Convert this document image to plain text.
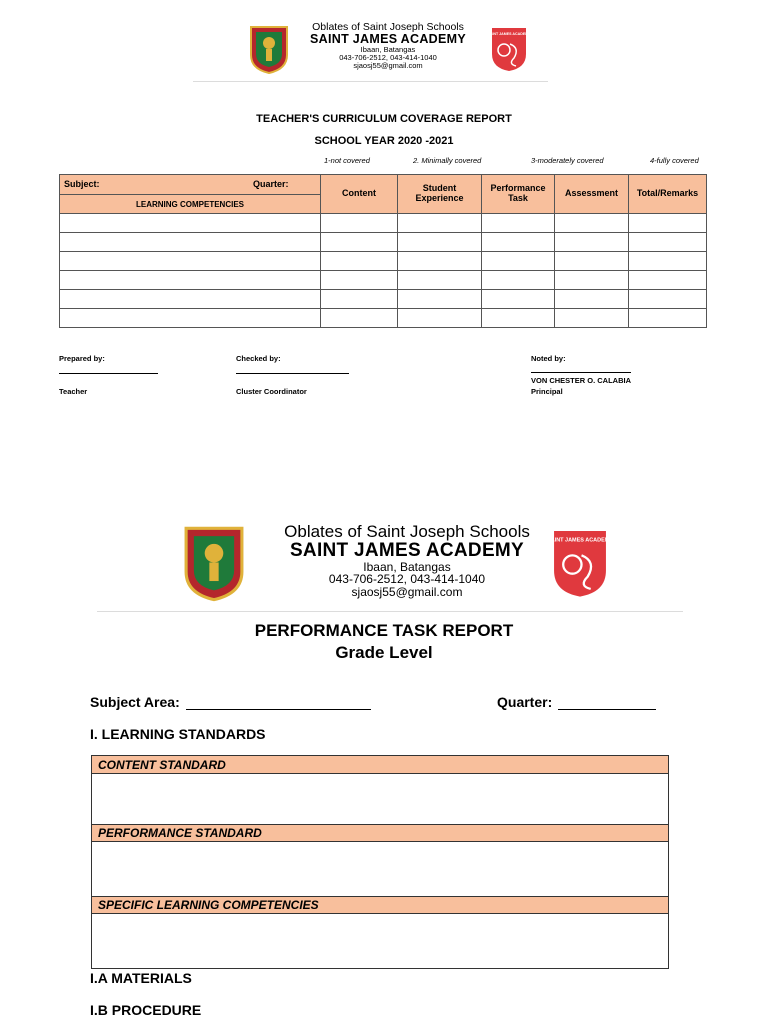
Oblates of Saint Joseph Schools
SAINT JAMES ACADEMY
Ibaan, Batangas
043-706-2512, 043-414-1040
sjaosj55@gmail.com
SAINT JAMES ACADEMY
TEACHER'S CURRICULUM COVERAGE REPORT
SCHOOL YEAR 2020 -2021
1-not covered	2. Minimally covered	3-moderately covered	4-fully covered
Subject: Quarter:	Content	Student Experience	Performance Task	Assessment	Total/Remarks
LEARNING COMPETENCIES					

Prepared by:
Teacher
Checked by:
Cluster Coordinator
Noted by:
VON CHESTER O. CALABIA
Principal
Oblates of Saint Joseph Schools
SAINT JAMES ACADEMY
Ibaan, Batangas
043-706-2512, 043-414-1040
sjaosj55@gmail.com
SAINT JAMES ACADEMY
PERFORMANCE TASK REPORT
Grade Level
Subject Area:	Quarter:
I. LEARNING STANDARDS
CONTENT STANDARD
PERFORMANCE STANDARD
SPECIFIC LEARNING COMPETENCIES
I.A MATERIALS
I.B PROCEDURE
